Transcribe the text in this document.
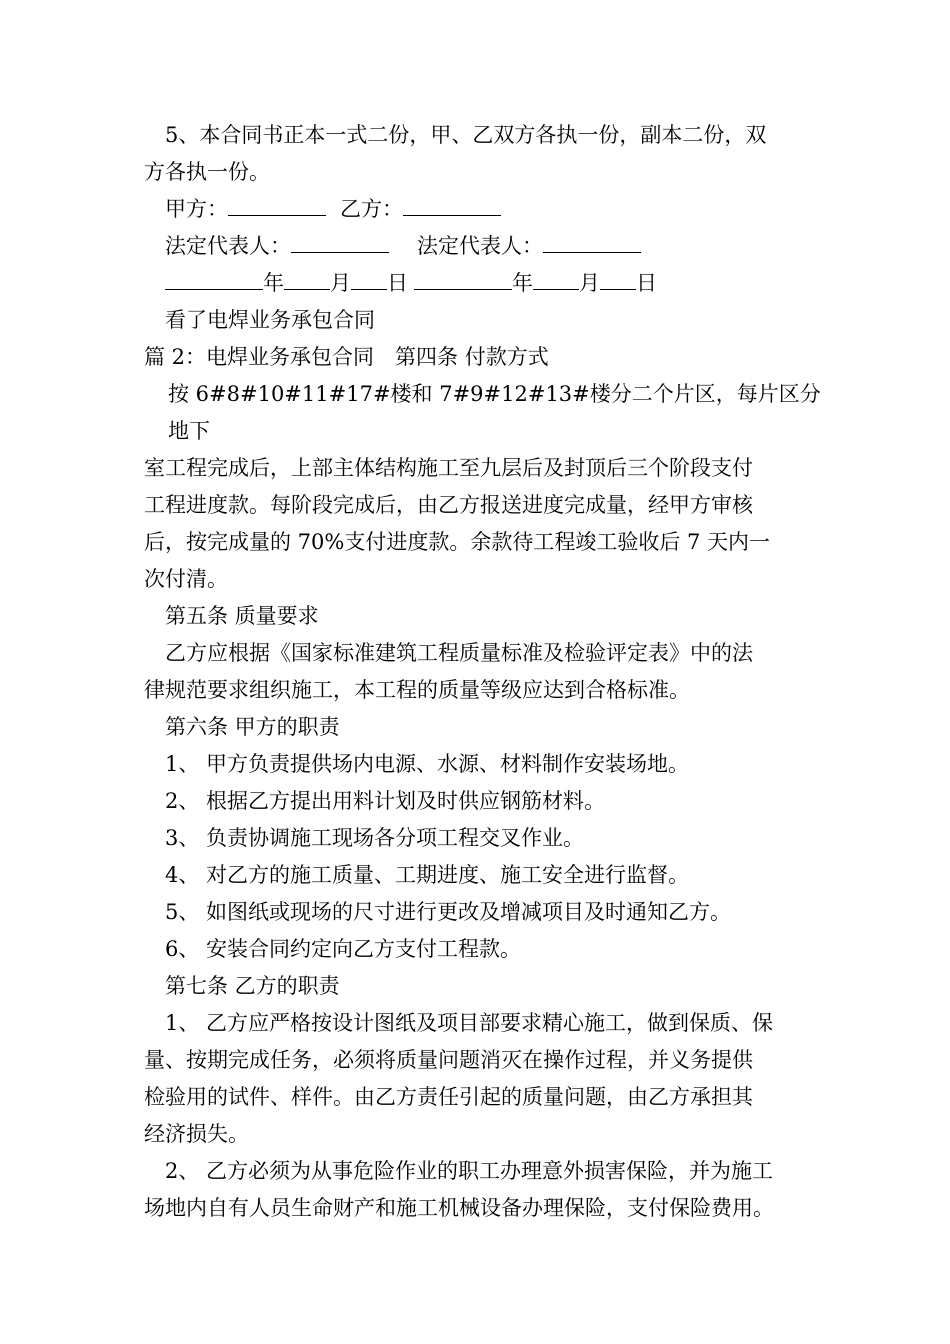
5、本合同书正本一式二份，甲、乙双方各执一份，副本二份，双

方各执一份。

甲方：	乙方：
法定代表人：	法定代表人：
年 月 日	年 月 日

看了电焊业务承包合同

篇 2：电焊业务承包合同　第四条 付款方式

按 6#8#10#11#17#楼和 7#9#12#13#楼分二个片区，每片区分地下

室工程完成后，上部主体结构施工至九层后及封顶后三个阶段支付

工程进度款。每阶段完成后，由乙方报送进度完成量，经甲方审核

后，按完成量的 70%支付进度款。余款待工程竣工验收后 7 天内一

次付清。

第五条 质量要求

乙方应根据《国家标准建筑工程质量标准及检验评定表》中的法

律规范要求组织施工，本工程的质量等级应达到合格标准。

第六条 甲方的职责

1、 甲方负责提供场内电源、水源、材料制作安装场地。

2、 根据乙方提出用料计划及时供应钢筋材料。

3、 负责协调施工现场各分项工程交叉作业。

4、 对乙方的施工质量、工期进度、施工安全进行监督。

5、 如图纸或现场的尺寸进行更改及增减项目及时通知乙方。

6、 安装合同约定向乙方支付工程款。

第七条 乙方的职责

1、 乙方应严格按设计图纸及项目部要求精心施工，做到保质、保

量、按期完成任务，必须将质量问题消灭在操作过程，并义务提供

检验用的试件、样件。由乙方责任引起的质量问题，由乙方承担其

经济损失。

2、 乙方必须为从事危险作业的职工办理意外损害保险，并为施工

场地内自有人员生命财产和施工机械设备办理保险，支付保险费用。
